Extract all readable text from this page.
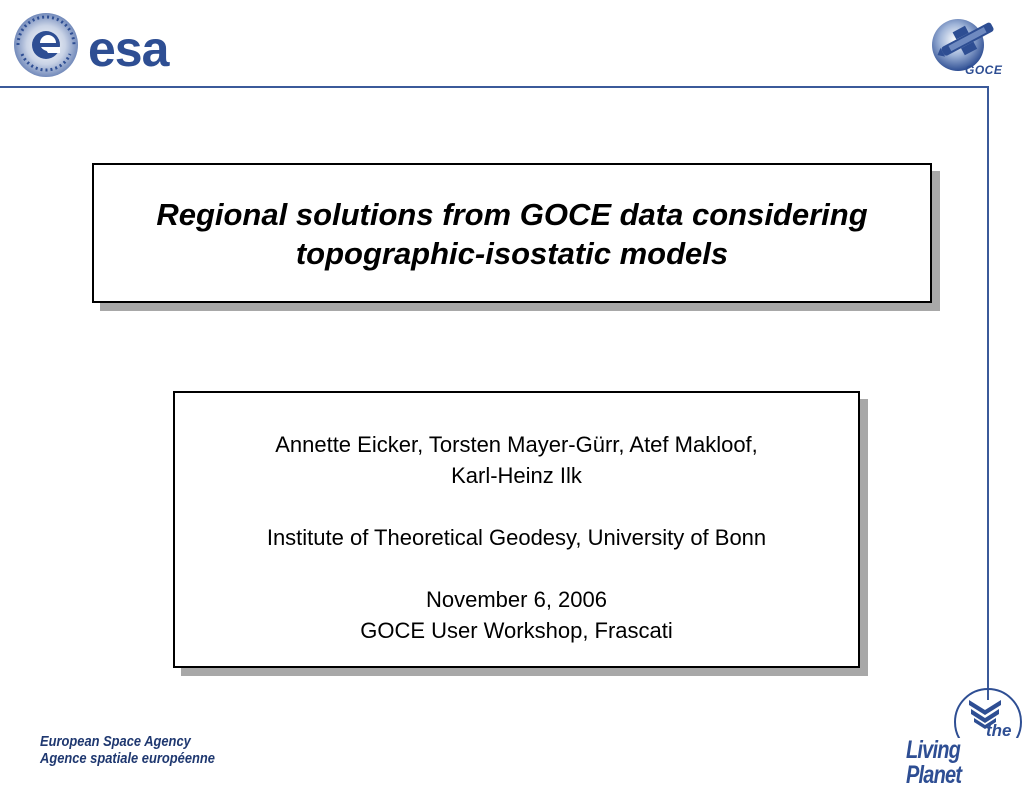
esa	GOCE

Regional solutions from GOCE data considering
topographic-isostatic models

Annette Eicker, Torsten Mayer-Gürr, Atef Makloof,
Karl-Heinz Ilk
Institute of Theoretical Geodesy, University of Bonn
November 6, 2006
GOCE User Workshop, Frascati
European Space Agency
Agence spatiale européenne
the
Living Planet
